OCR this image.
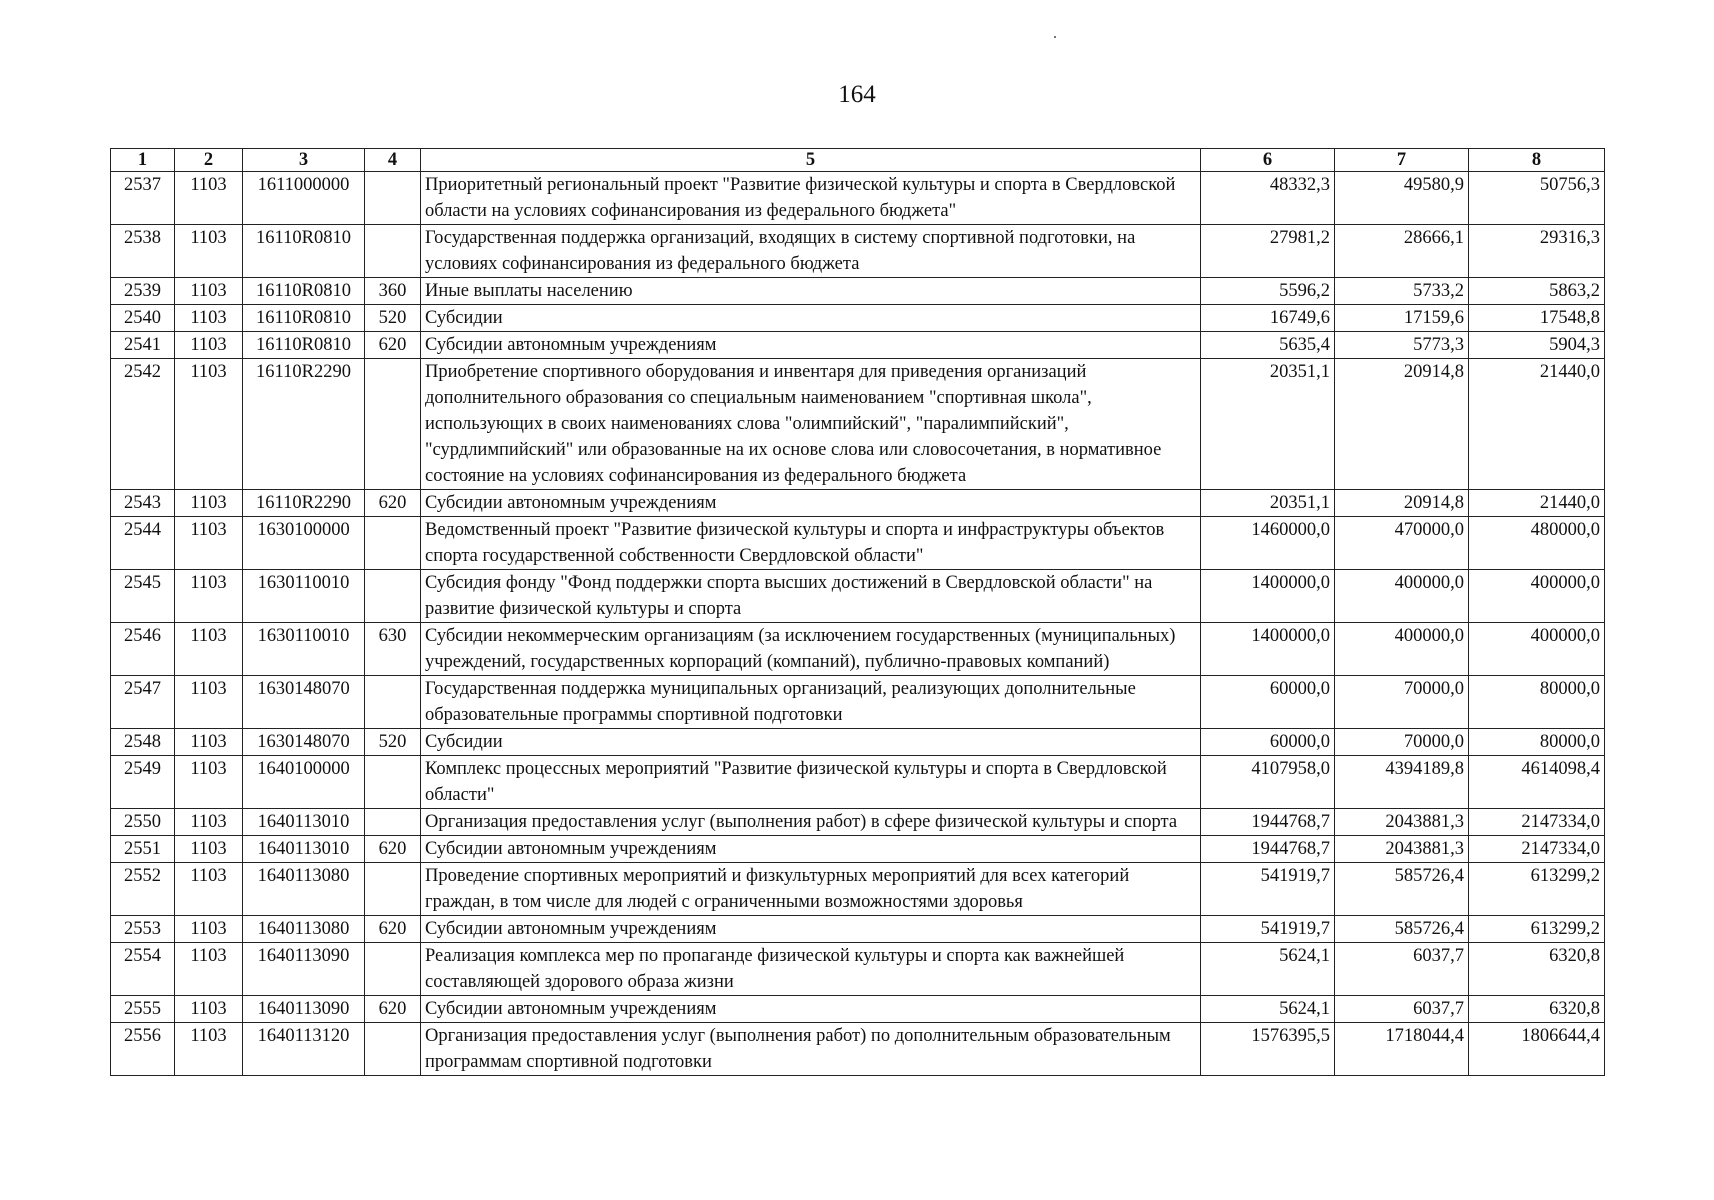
164
1	2	3	4	5	6	7	8
2537	1103	1611000000		Приоритетный региональный проект "Развитие физической культуры и спорта в Свердловской области на условиях софинансирования из федерального бюджета"	48332,3	49580,9	50756,3
2538	1103	16110R0810		Государственная поддержка организаций, входящих в систему спортивной подготовки, на условиях софинансирования из федерального бюджета	27981,2	28666,1	29316,3
2539	1103	16110R0810	360	Иные выплаты населению	5596,2	5733,2	5863,2
2540	1103	16110R0810	520	Субсидии	16749,6	17159,6	17548,8
2541	1103	16110R0810	620	Субсидии автономным учреждениям	5635,4	5773,3	5904,3
2542	1103	16110R2290		Приобретение спортивного оборудования и инвентаря для приведения организаций дополнительного образования со специальным наименованием "спортивная школа", использующих в своих наименованиях слова "олимпийский", "паралимпийский", "сурдлимпийский" или образованные на их основе слова или словосочетания, в нормативное состояние на условиях софинансирования из федерального бюджета	20351,1	20914,8	21440,0
2543	1103	16110R2290	620	Субсидии автономным учреждениям	20351,1	20914,8	21440,0
2544	1103	1630100000		Ведомственный проект "Развитие физической культуры и спорта и инфраструктуры объектов спорта государственной собственности Свердловской области"	1460000,0	470000,0	480000,0
2545	1103	1630110010		Субсидия фонду "Фонд поддержки спорта высших достижений в Свердловской области" на развитие физической культуры и спорта	1400000,0	400000,0	400000,0
2546	1103	1630110010	630	Субсидии некоммерческим организациям (за исключением государственных (муниципальных) учреждений, государственных корпораций (компаний), публично-правовых компаний)	1400000,0	400000,0	400000,0
2547	1103	1630148070		Государственная поддержка муниципальных организаций, реализующих дополнительные образовательные программы спортивной подготовки	60000,0	70000,0	80000,0
2548	1103	1630148070	520	Субсидии	60000,0	70000,0	80000,0
2549	1103	1640100000		Комплекс процессных мероприятий "Развитие физической культуры и спорта в Свердловской области"	4107958,0	4394189,8	4614098,4
2550	1103	1640113010		Организация предоставления услуг (выполнения работ) в сфере физической культуры и спорта	1944768,7	2043881,3	2147334,0
2551	1103	1640113010	620	Субсидии автономным учреждениям	1944768,7	2043881,3	2147334,0
2552	1103	1640113080		Проведение спортивных мероприятий и физкультурных мероприятий для всех категорий граждан, в том числе для людей с ограниченными возможностями здоровья	541919,7	585726,4	613299,2
2553	1103	1640113080	620	Субсидии автономным учреждениям	541919,7	585726,4	613299,2
2554	1103	1640113090		Реализация комплекса мер по пропаганде физической культуры и спорта как важнейшей составляющей здорового образа жизни	5624,1	6037,7	6320,8
2555	1103	1640113090	620	Субсидии автономным учреждениям	5624,1	6037,7	6320,8
2556	1103	1640113120		Организация предоставления услуг (выполнения работ) по дополнительным образовательным программам спортивной подготовки	1576395,5	1718044,4	1806644,4
